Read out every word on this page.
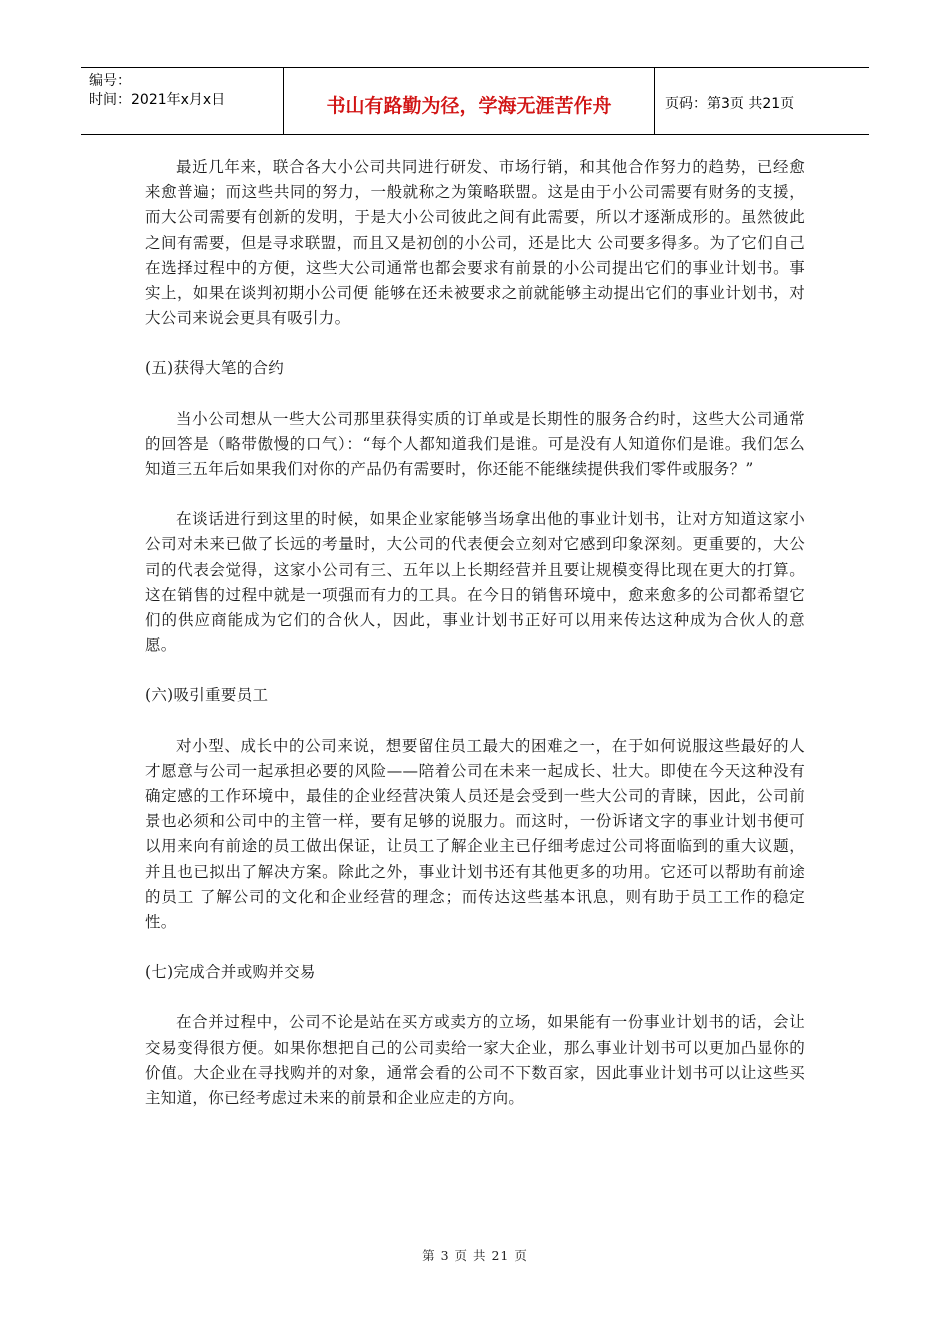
编号：
时间：2021年x月x日	书山有路勤为径，学海无涯苦作舟	页码：第3页 共21页

最近几年来，联合各大小公司共同进行研发、市场行销，和其他合作努力的趋势，已经愈来愈普遍；而这些共同的努力，一般就称之为策略联盟。这是由于小公司需要有财务的支援，而大公司需要有创新的发明，于是大小公司彼此之间有此需要，所以才逐渐成形的。虽然彼此之间有需要，但是寻求联盟，而且又是初创的小公司，还是比大 公司要多得多。为了它们自己在选择过程中的方便，这些大公司通常也都会要求有前景的小公司提出它们的事业计划书。事实上，如果在谈判初期小公司便 能够在还未被要求之前就能够主动提出它们的事业计划书，对大公司来说会更具有吸引力。

(五)获得大笔的合约

当小公司想从一些大公司那里获得实质的订单或是长期性的服务合约时，这些大公司通常的回答是（略带傲慢的口气）：“每个人都知道我们是谁。可是没有人知道你们是谁。我们怎么知道三五年后如果我们对你的产品仍有需要时，你还能不能继续提供我们零件或服务？”

在谈话进行到这里的时候，如果企业家能够当场拿出他的事业计划书，让对方知道这家小公司对未来已做了长远的考量时，大公司的代表便会立刻对它感到印象深刻。更重要的，大公司的代表会觉得，这家小公司有三、五年以上长期经营并且要让规模变得比现在更大的打算。这在销售的过程中就是一项强而有力的工具。在今日的销售环境中，愈来愈多的公司都希望它们的供应商能成为它们的合伙人，因此，事业计划书正好可以用来传达这种成为合伙人的意愿。

(六)吸引重要员工

对小型、成长中的公司来说，想要留住员工最大的困难之一，在于如何说服这些最好的人才愿意与公司一起承担必要的风险——陪着公司在未来一起成长、壮大。即使在今天这种没有确定感的工作环境中，最佳的企业经营决策人员还是会受到一些大公司的青睐，因此，公司前景也必须和公司中的主管一样，要有足够的说服力。而这时，一份诉诸文字的事业计划书便可以用来向有前途的员工做出保证，让员工了解企业主已仔细考虑过公司将面临到的重大议题，并且也已拟出了解决方案。除此之外，事业计划书还有其他更多的功用。它还可以帮助有前途的员工 了解公司的文化和企业经营的理念；而传达这些基本讯息，则有助于员工工作的稳定性。

(七)完成合并或购并交易

在合并过程中，公司不论是站在买方或卖方的立场，如果能有一份事业计划书的话，会让交易变得很方便。如果你想把自己的公司卖给一家大企业，那么事业计划书可以更加凸显你的价值。大企业在寻找购并的对象，通常会看的公司不下数百家，因此事业计划书可以让这些买主知道，你已经考虑过未来的前景和企业应走的方向。

第 3 页 共 21 页
